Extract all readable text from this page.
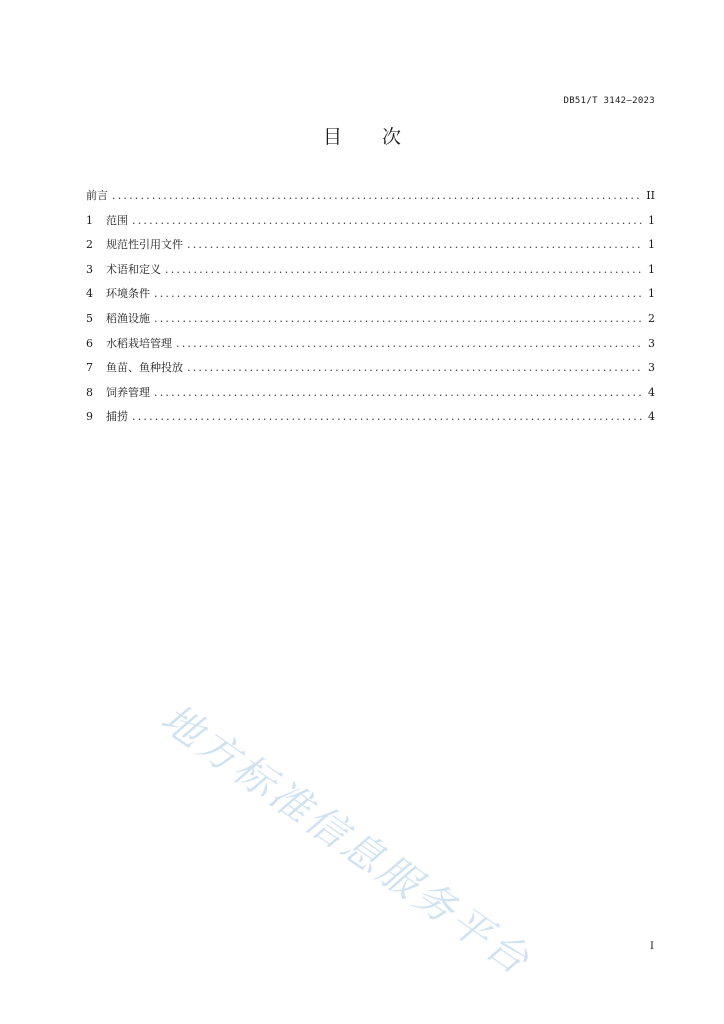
DB51/T 3142—2023
目 次
前言 .....	II
1	范围 .....	1
2	规范性引用文件 .....	1
3	术语和定义 .....	1
4	环境条件 .....	1
5	稻渔设施 .....	2
6	水稻栽培管理 .....	3
7	鱼苗、鱼种投放 .....	3
8	饲养管理 .....	4
9	捕捞 .....	4
地方标准信息服务平台	I
